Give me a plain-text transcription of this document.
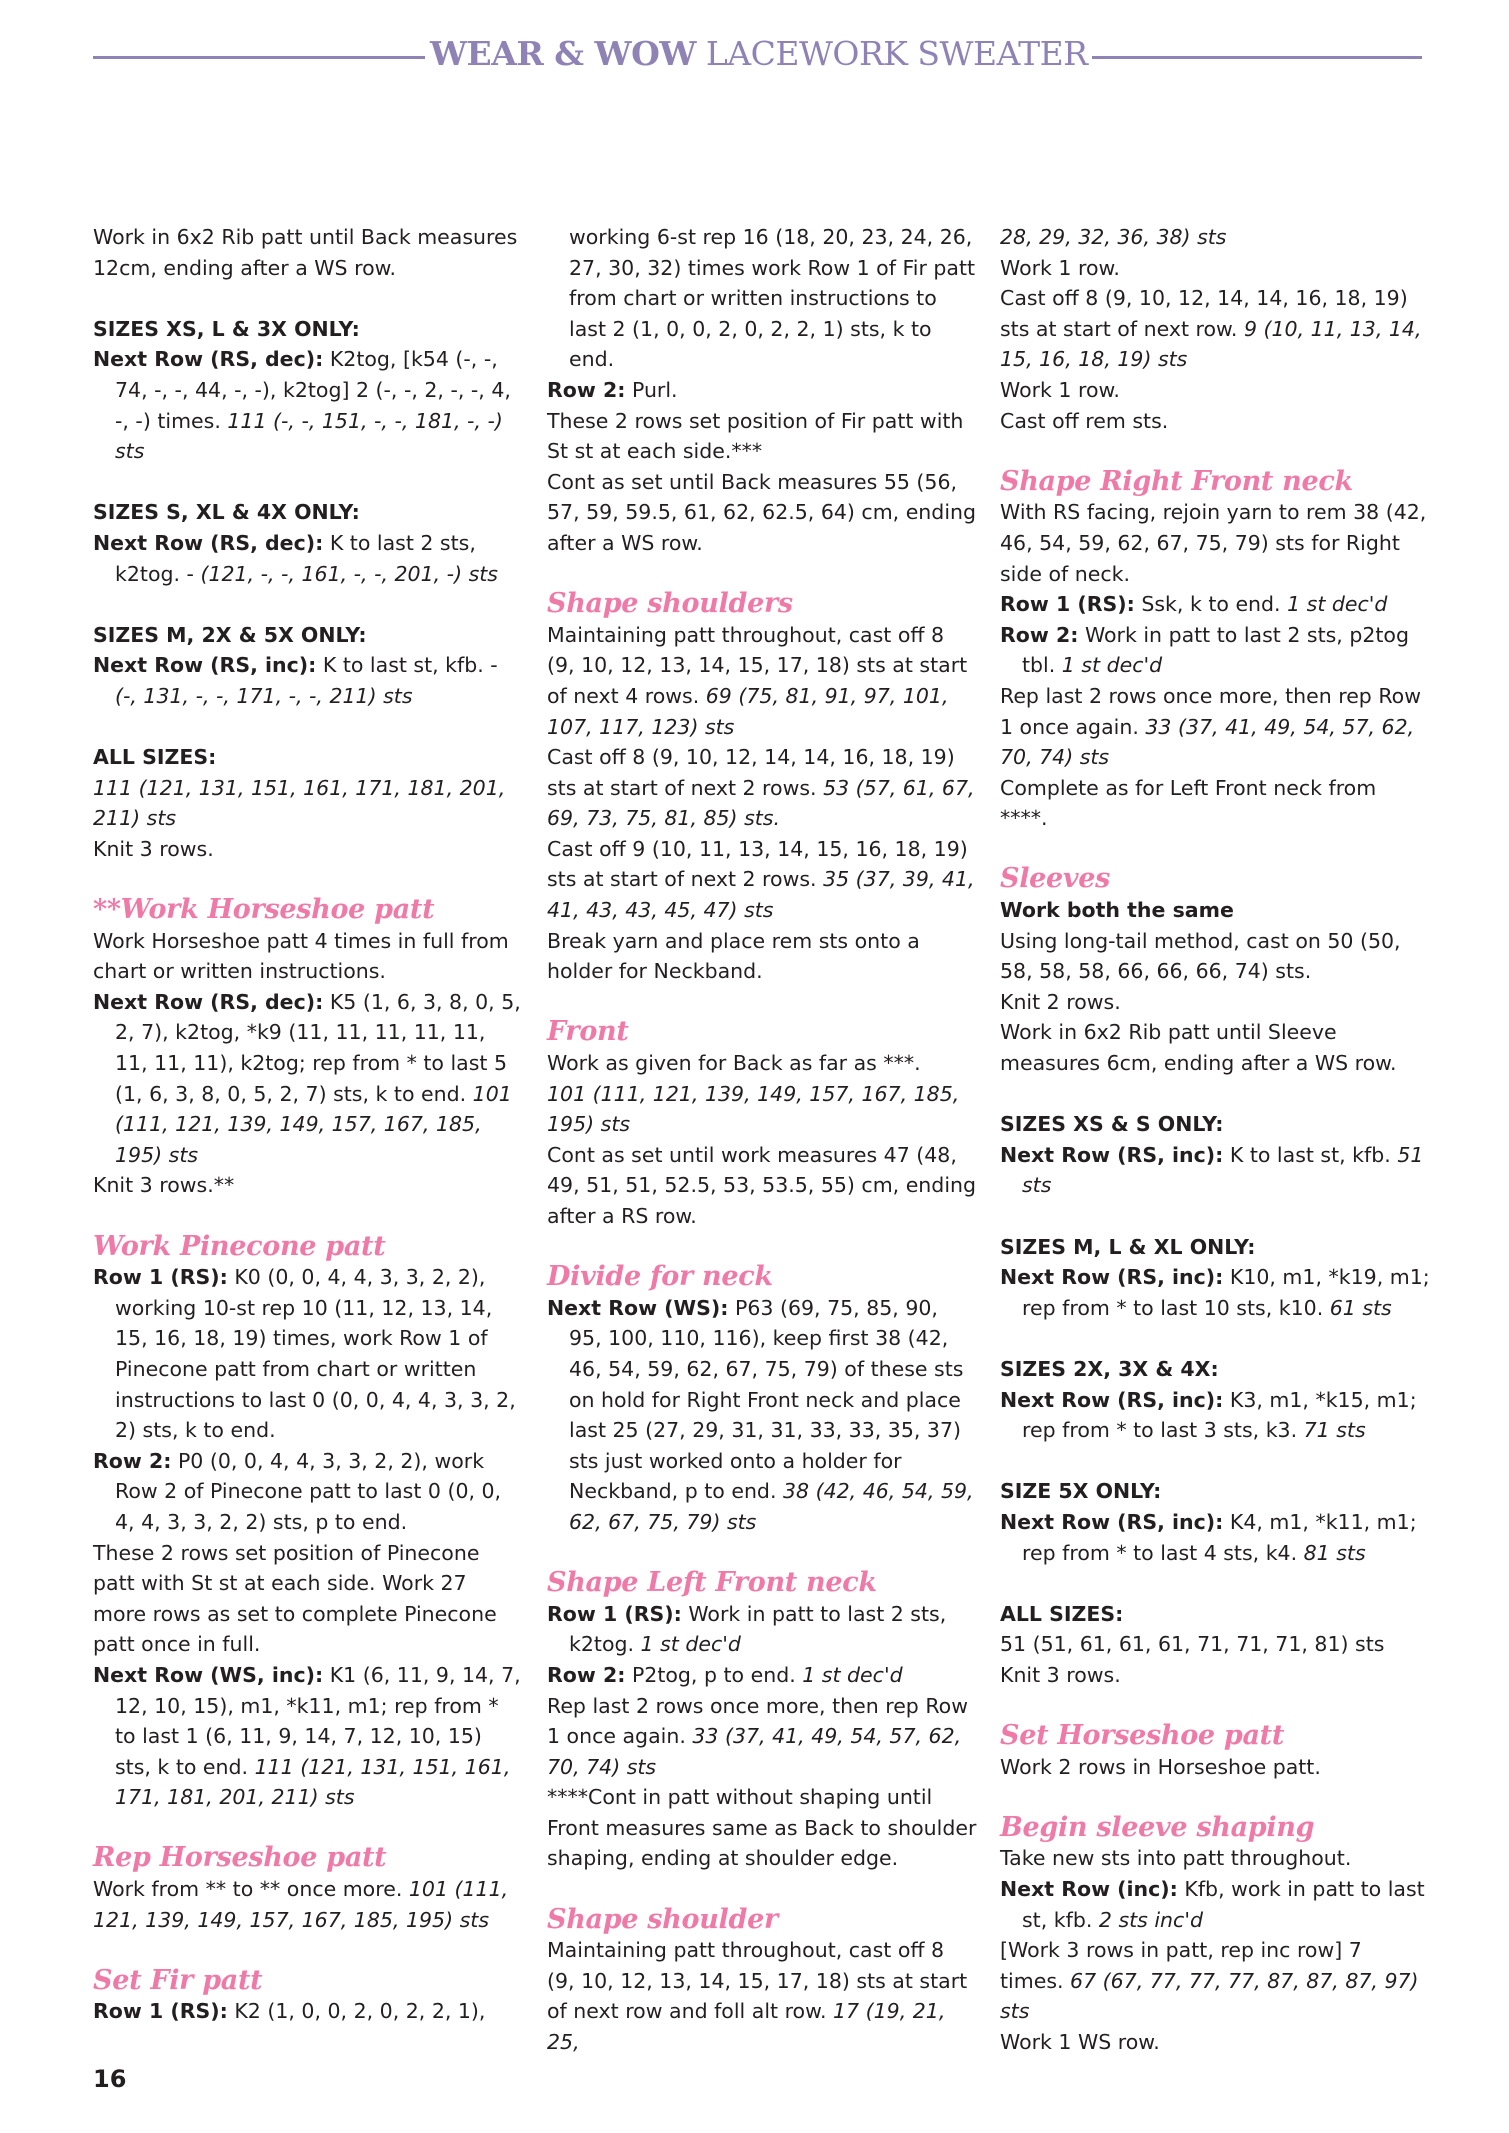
WEAR & WOW LACEWORK SWEATER

Work in 6x2 Rib patt until Back measures 12cm, ending after a WS row.

SIZES XS, L & 3X ONLY:

Next Row (RS, dec): K2tog, [k54 (-, -, 74, -, -, 44, -, -), k2tog] 2 (-, -, 2, -, -, 4, -, -) times. 111 (-, -, 151, -, -, 181, -, -) sts

SIZES S, XL & 4X ONLY:

Next Row (RS, dec): K to last 2 sts, k2tog. - (121, -, -, 161, -, -, 201, -) sts

SIZES M, 2X & 5X ONLY:

Next Row (RS, inc): K to last st, kfb. - (-, 131, -, -, 171, -, -, 211) sts

ALL SIZES:

111 (121, 131, 151, 161, 171, 181, 201, 211) sts

Knit 3 rows.

**Work Horseshoe patt

Work Horseshoe patt 4 times in full from chart or written instructions.

Next Row (RS, dec): K5 (1, 6, 3, 8, 0, 5, 2, 7), k2tog, *k9 (11, 11, 11, 11, 11, 11, 11, 11), k2tog; rep from * to last 5 (1, 6, 3, 8, 0, 5, 2, 7) sts, k to end. 101 (111, 121, 139, 149, 157, 167, 185, 195) sts

Knit 3 rows.**

Work Pinecone patt

Row 1 (RS): K0 (0, 0, 4, 4, 3, 3, 2, 2), working 10-st rep 10 (11, 12, 13, 14, 15, 16, 18, 19) times, work Row 1 of Pinecone patt from chart or written instructions to last 0 (0, 0, 4, 4, 3, 3, 2, 2) sts, k to end.

Row 2: P0 (0, 0, 4, 4, 3, 3, 2, 2), work Row 2 of Pinecone patt to last 0 (0, 0, 4, 4, 3, 3, 2, 2) sts, p to end.

These 2 rows set position of Pinecone patt with St st at each side. Work 27 more rows as set to complete Pinecone patt once in full.

Next Row (WS, inc): K1 (6, 11, 9, 14, 7, 12, 10, 15), m1, *k11, m1; rep from * to last 1 (6, 11, 9, 14, 7, 12, 10, 15) sts, k to end. 111 (121, 131, 151, 161, 171, 181, 201, 211) sts

Rep Horseshoe patt

Work from ** to ** once more. 101 (111, 121, 139, 149, 157, 167, 185, 195) sts

Set Fir patt

Row 1 (RS): K2 (1, 0, 0, 2, 0, 2, 2, 1),

working 6-st rep 16 (18, 20, 23, 24, 26, 27, 30, 32) times work Row 1 of Fir patt from chart or written instructions to last 2 (1, 0, 0, 2, 0, 2, 2, 1) sts, k to end.

Row 2: Purl.

These 2 rows set position of Fir patt with St st at each side.***

Cont as set until Back measures 55 (56, 57, 59, 59.5, 61, 62, 62.5, 64) cm, ending after a WS row.

Shape shoulders

Maintaining patt throughout, cast off 8 (9, 10, 12, 13, 14, 15, 17, 18) sts at start of next 4 rows. 69 (75, 81, 91, 97, 101, 107, 117, 123) sts

Cast off 8 (9, 10, 12, 14, 14, 16, 18, 19) sts at start of next 2 rows. 53 (57, 61, 67, 69, 73, 75, 81, 85) sts.

Cast off 9 (10, 11, 13, 14, 15, 16, 18, 19) sts at start of next 2 rows. 35 (37, 39, 41, 41, 43, 43, 45, 47) sts

Break yarn and place rem sts onto a holder for Neckband.

Front

Work as given for Back as far as ***.

101 (111, 121, 139, 149, 157, 167, 185, 195) sts

Cont as set until work measures 47 (48, 49, 51, 51, 52.5, 53, 53.5, 55) cm, ending after a RS row.

Divide for neck

Next Row (WS): P63 (69, 75, 85, 90, 95, 100, 110, 116), keep first 38 (42, 46, 54, 59, 62, 67, 75, 79) of these sts on hold for Right Front neck and place last 25 (27, 29, 31, 31, 33, 33, 35, 37) sts just worked onto a holder for Neckband, p to end. 38 (42, 46, 54, 59, 62, 67, 75, 79) sts

Shape Left Front neck

Row 1 (RS): Work in patt to last 2 sts, k2tog. 1 st dec'd

Row 2: P2tog, p to end. 1 st dec'd

Rep last 2 rows once more, then rep Row 1 once again. 33 (37, 41, 49, 54, 57, 62, 70, 74) sts

****Cont in patt without shaping until Front measures same as Back to shoulder shaping, ending at shoulder edge.

Shape shoulder

Maintaining patt throughout, cast off 8 (9, 10, 12, 13, 14, 15, 17, 18) sts at start of next row and foll alt row. 17 (19, 21, 25,

28, 29, 32, 36, 38) sts

Work 1 row.

Cast off 8 (9, 10, 12, 14, 14, 16, 18, 19) sts at start of next row. 9 (10, 11, 13, 14, 15, 16, 18, 19) sts

Work 1 row.

Cast off rem sts.

Shape Right Front neck

With RS facing, rejoin yarn to rem 38 (42, 46, 54, 59, 62, 67, 75, 79) sts for Right side of neck.

Row 1 (RS): Ssk, k to end. 1 st dec'd

Row 2: Work in patt to last 2 sts, p2tog tbl. 1 st dec'd

Rep last 2 rows once more, then rep Row 1 once again. 33 (37, 41, 49, 54, 57, 62, 70, 74) sts

Complete as for Left Front neck from ****.

Sleeves

Work both the same

Using long-tail method, cast on 50 (50, 58, 58, 58, 66, 66, 66, 74) sts.

Knit 2 rows.

Work in 6x2 Rib patt until Sleeve measures 6cm, ending after a WS row.

SIZES XS & S ONLY:

Next Row (RS, inc): K to last st, kfb. 51 sts

SIZES M, L & XL ONLY:

Next Row (RS, inc): K10, m1, *k19, m1; rep from * to last 10 sts, k10. 61 sts

SIZES 2X, 3X & 4X:

Next Row (RS, inc): K3, m1, *k15, m1; rep from * to last 3 sts, k3. 71 sts

SIZE 5X ONLY:

Next Row (RS, inc): K4, m1, *k11, m1; rep from * to last 4 sts, k4. 81 sts

ALL SIZES:

51 (51, 61, 61, 61, 71, 71, 71, 81) sts

Knit 3 rows.

Set Horseshoe patt

Work 2 rows in Horseshoe patt.

Begin sleeve shaping

Take new sts into patt throughout.

Next Row (inc): Kfb, work in patt to last st, kfb. 2 sts inc'd

[Work 3 rows in patt, rep inc row] 7 times. 67 (67, 77, 77, 77, 87, 87, 87, 97) sts

Work 1 WS row.

16
